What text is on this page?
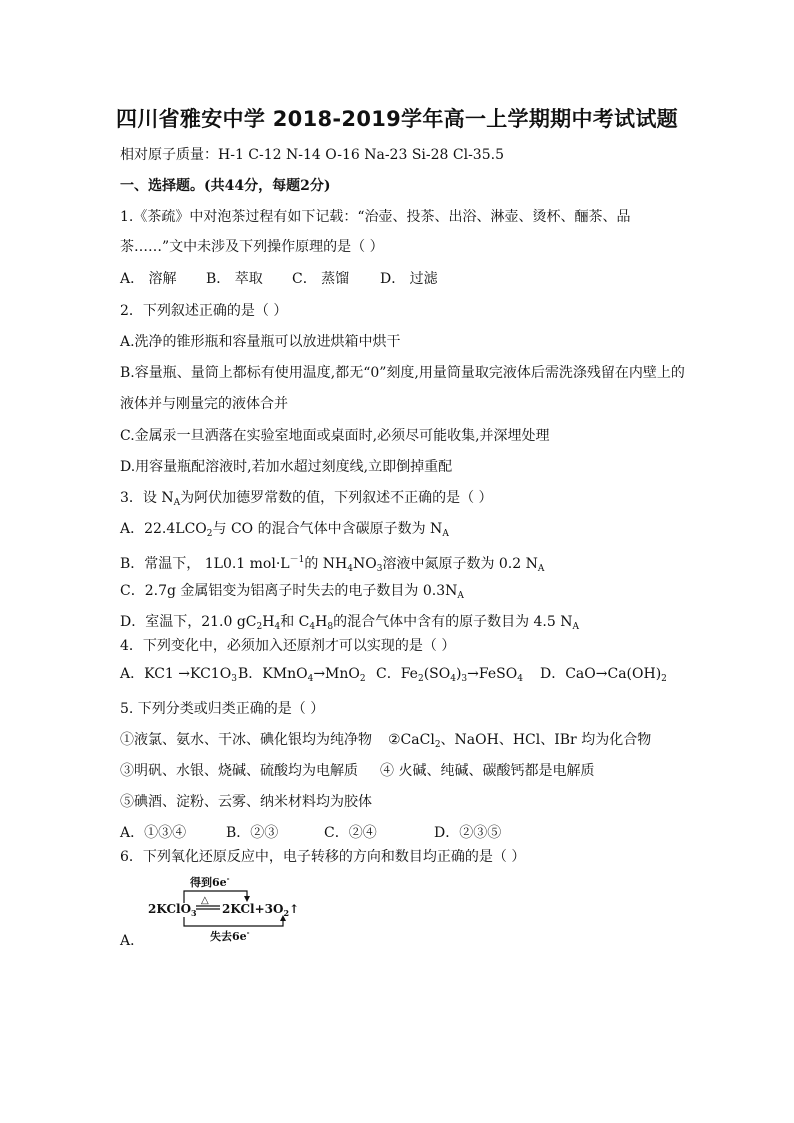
四川省雅安中学 2018-2019学年高一上学期期中考试试题
相对原子质量：H-1 C-12 N-14 O-16 Na-23 Si-28 Cl-35.5
一、选择题。(共44分，每题2分)
1.《茶疏》中对泡茶过程有如下记载：“治壶、投茶、出浴、淋壶、烫杯、酾茶、品
茶……”文中未涉及下列操作原理的是（ ）
A． 溶解 B． 萃取 C． 蒸馏 D． 过滤
2．下列叙述正确的是（ ）
A.洗净的锥形瓶和容量瓶可以放进烘箱中烘干
B.容量瓶、量筒上都标有使用温度,都无“0”刻度,用量筒量取完液体后需洗涤残留在内壁上的
液体并与刚量完的液体合并
C.金属汞一旦洒落在实验室地面或桌面时,必须尽可能收集,并深埋处理
D.用容量瓶配溶液时,若加水超过刻度线,立即倒掉重配
3．设 $N_A$为阿伏加德罗常数的值，下列叙述不正确的是（ ）
A．$22.4LCO_2$与 CO 的混合气体中含碳原子数为 $N_A$
B．常温下， 1L0.1 $mol\cdot L^{-1}$的 $NH_4NO_3$溶液中氮原子数为 0.2 $N_A$
C．2.7g 金属铝变为铝离子时失去的电子数目为 $0.3N_A$
D．室温下，21.0 $gC_2H_4$和 $C_4H_8$的混合气体中含有的原子数目为 4.5 $N_A$
4．下列变化中，必须加入还原剂才可以实现的是（ ）
A．$KC1 \to KC1O_3B$．KMnO$_4$→MnO$_2$ C．$Fe_2(SO_4)_3\to FeSO_4$ D．$CaO\to Ca(OH)_2$
5. 下列分类或归类正确的是（ ）
①液氯、氨水、干冰、碘化银均为纯净物 ②CaCl$_2$、NaOH、HCl、IBr 均为化合物
③明矾、水银、烧碱、硫酸均为电解质 ④ 火碱、纯碱、碳酸钙都是电解质
⑤碘酒、淀粉、云雾、纳米材料均为胶体
A．①③④	B．②③	C．②④	D．②③⑤
6．下列氧化还原反应中，电子转移的方向和数目均正确的是（ ）
得到6e-
2KClO$_3$
△
$2KCl+3O_2↑$
失去6e-
A．
